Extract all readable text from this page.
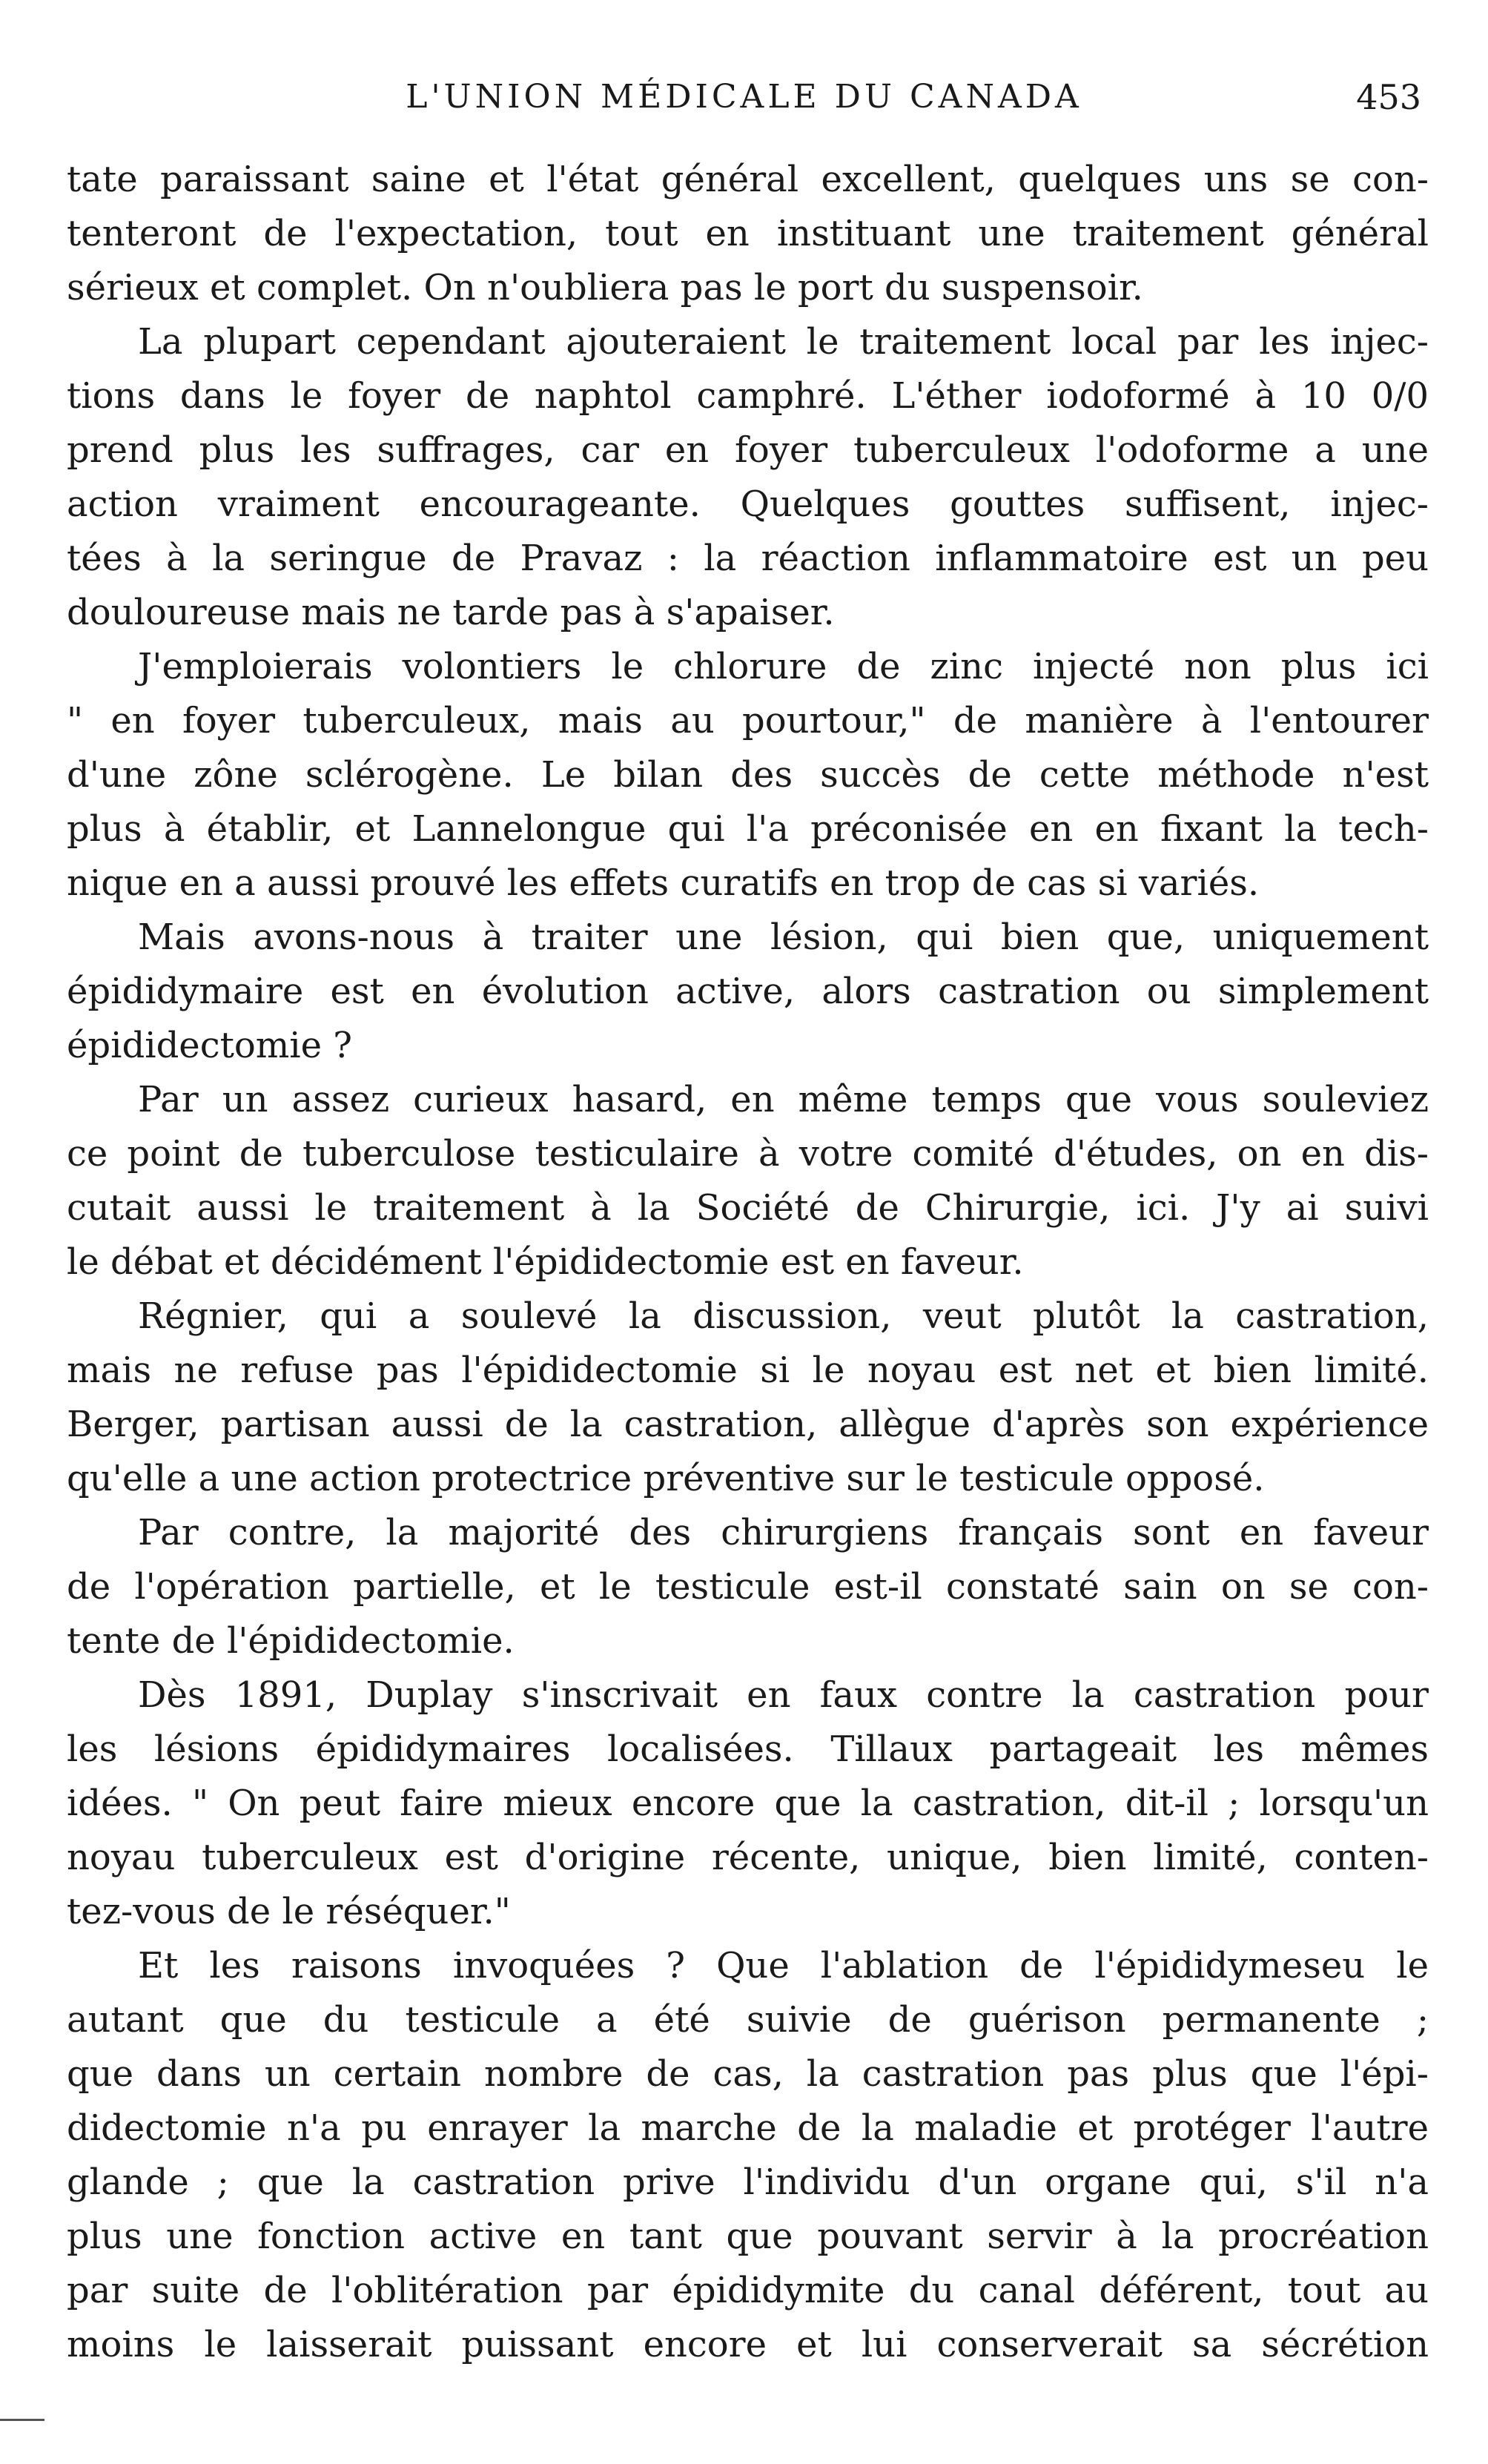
L'UNION MÉDICALE DU CANADA	453

tate paraissant saine et l'état général excellent, quelques uns se con-
tenteront de l'expectation, tout en instituant une traitement général
sérieux et complet. On n'oubliera pas le port du suspensoir.

La plupart cependant ajouteraient le traitement local par les injec-
tions dans le foyer de naphtol camphré. L'éther iodoformé à 10 0/0
prend plus les suffrages, car en foyer tuberculeux l'odoforme a une
action vraiment encourageante. Quelques gouttes suffisent, injec-
tées à la seringue de Pravaz : la réaction inflammatoire est un peu
douloureuse mais ne tarde pas à s'apaiser.

J'emploierais volontiers le chlorure de zinc injecté non plus ici
" en foyer tuberculeux, mais au pourtour," de manière à l'entourer
d'une zône sclérogène. Le bilan des succès de cette méthode n'est
plus à établir, et Lannelongue qui l'a préconisée en en fixant la tech-
nique en a aussi prouvé les effets curatifs en trop de cas si variés.

Mais avons-nous à traiter une lésion, qui bien que, uniquement
épididymaire est en évolution active, alors castration ou simplement
épididectomie ?

Par un assez curieux hasard, en même temps que vous souleviez
ce point de tuberculose testiculaire à votre comité d'études, on en dis-
cutait aussi le traitement à la Société de Chirurgie, ici. J'y ai suivi
le débat et décidément l'épididectomie est en faveur.

Régnier, qui a soulevé la discussion, veut plutôt la castration,
mais ne refuse pas l'épididectomie si le noyau est net et bien limité.
Berger, partisan aussi de la castration, allègue d'après son expérience
qu'elle a une action protectrice préventive sur le testicule opposé.

Par contre, la majorité des chirurgiens français sont en faveur
de l'opération partielle, et le testicule est-il constaté sain on se con-
tente de l'épididectomie.

Dès 1891, Duplay s'inscrivait en faux contre la castration pour
les lésions épididymaires localisées. Tillaux partageait les mêmes
idées. " On peut faire mieux encore que la castration, dit-il ; lorsqu'un
noyau tuberculeux est d'origine récente, unique, bien limité, conten-
tez-vous de le réséquer."

Et les raisons invoquées ? Que l'ablation de l'épididymeseu le
autant que du testicule a été suivie de guérison permanente ;
que dans un certain nombre de cas, la castration pas plus que l'épi-
didectomie n'a pu enrayer la marche de la maladie et protéger l'autre
glande ; que la castration prive l'individu d'un organe qui, s'il n'a
plus une fonction active en tant que pouvant servir à la procréation
par suite de l'oblitération par épididymite du canal déférent, tout au
moins le laisserait puissant encore et lui conserverait sa sécrétion
